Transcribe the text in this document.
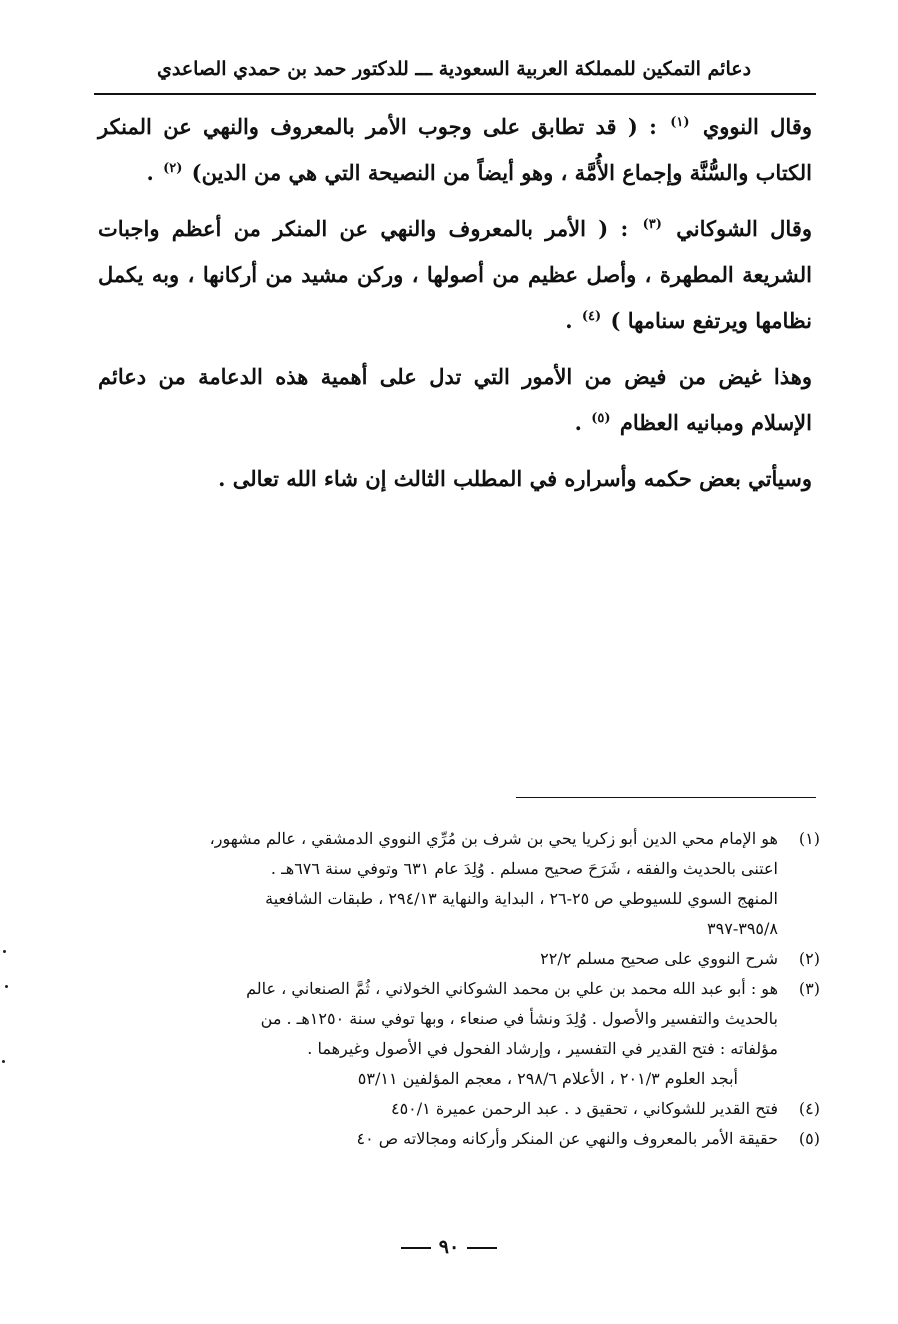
دعائم التمكين للمملكة العربية السعودية ـــ للدكتور حمد بن حمدي الصاعدي

وقال النووي $^{(١)}$ : ( قد تطابق على وجوب الأمر بالمعروف والنهي عن المنكر الكتاب والسُّنَّة وإجماع الأُمَّة ، وهو أيضاً من النصيحة التي هي من الدين) $^{(٢)}$ .

وقال الشوكاني $^{(٣)}$ : ( الأمر بالمعروف والنهي عن المنكر من أعظم واجبات الشريعة المطهرة ، وأصل عظيم من أصولها ، وركن مشيد من أركانها ، وبه يكمل نظامها ويرتفع سنامها ) $^{(٤)}$ .

وهذا غيض من فيض من الأمور التي تدل على أهمية هذه الدعامة من دعائم الإسلام ومبانيه العظام $^{(٥)}$ .

وسيأتي بعض حكمه وأسراره في المطلب الثالث إن شاء الله تعالى .

(١)
هو الإمام محي الدين أبو زكريا يحي بن شرف بن مُرِّي النووي الدمشقي ، عالم مشهور،
اعتنى بالحديث والفقه ، شَرَحَ صحيح مسلم . وُلِدَ عام ٦٣١ وتوفي سنة ٦٧٦هـ .
المنهج السوي للسيوطي ص ٢٥-٢٦ ، البداية والنهاية ٢٩٤/١٣ ، طبقات الشافعية
٣٩٥/٨-٣٩٧
(٢)
شرح النووي على صحيح مسلم ٢٢/٢
(٣)
هو : أبو عبد الله محمد بن علي بن محمد الشوكاني الخولاني ، ثُمَّ الصنعاني ، عالم
بالحديث والتفسير والأصول . وُلِدَ ونشأ في صنعاء ، وبها توفي سنة ١٢٥٠هـ . من
مؤلفاته : فتح القدير في التفسير ، وإرشاد الفحول في الأصول وغيرهما .
أبجد العلوم ٢٠١/٣ ، الأعلام ٢٩٨/٦ ، معجم المؤلفين ٥٣/١١
(٤)
فتح القدير للشوكاني ، تحقيق د . عبد الرحمن عميرة ٤٥٠/١
(٥)
حقيقة الأمر بالمعروف والنهي عن المنكر وأركانه ومجالاته ص ٤٠
٩٠
